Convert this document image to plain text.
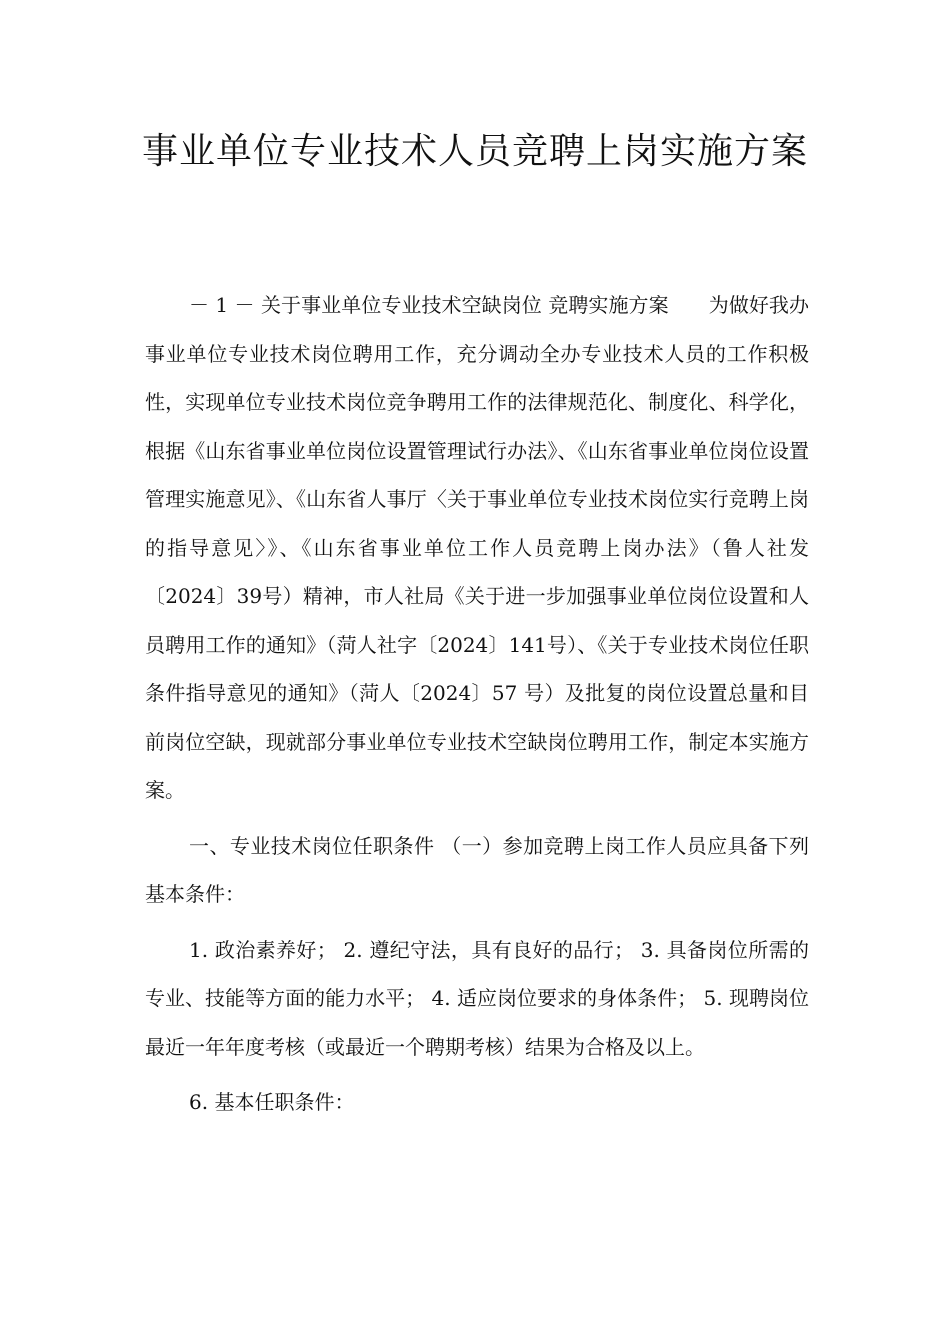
事业单位专业技术人员竞聘上岗实施方案

－ 1 － 关于事业单位专业技术空缺岗位 竞聘实施方案　　为做好我办事业单位专业技术岗位聘用工作，充分调动全办专业技术人员的工作积极性，实现单位专业技术岗位竞争聘用工作的法律规范化、制度化、科学化，根据《山东省事业单位岗位设置管理试行办法》、《山东省事业单位岗位设置管理实施意见》、《山东省人事厅〈关于事业单位专业技术岗位实行竞聘上岗的指导意见〉》、《山东省事业单位工作人员竞聘上岗办法》（鲁人社发〔2024〕39号）精神，市人社局《关于进一步加强事业单位岗位设置和人员聘用工作的通知》（菏人社字〔2024〕141号）、《关于专业技术岗位任职条件指导意见的通知》（菏人〔2024〕57 号）及批复的岗位设置总量和目前岗位空缺，现就部分事业单位专业技术空缺岗位聘用工作，制定本实施方案。

一、专业技术岗位任职条件 （一）参加竞聘上岗工作人员应具备下列基本条件：

1. 政治素养好； 2. 遵纪守法，具有良好的品行； 3. 具备岗位所需的专业、技能等方面的能力水平； 4. 适应岗位要求的身体条件； 5. 现聘岗位最近一年年度考核（或最近一个聘期考核）结果为合格及以上。

6. 基本任职条件：
